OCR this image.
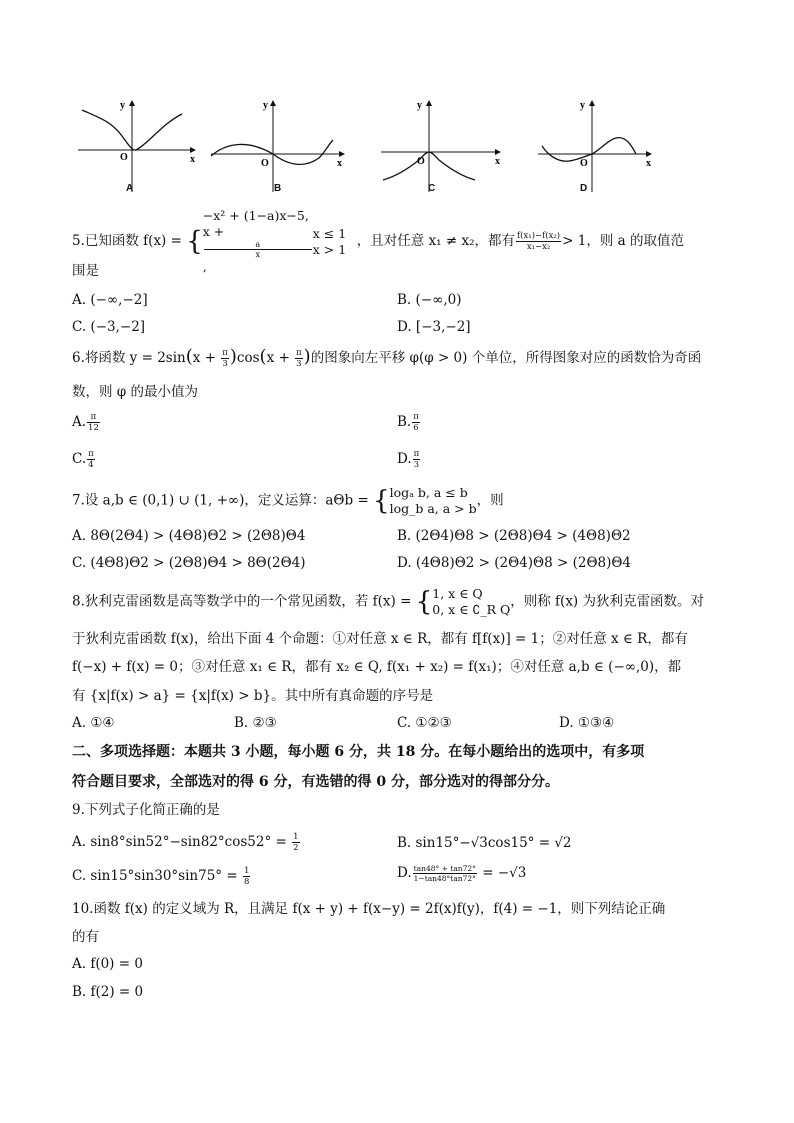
y
x
O
A
y
x
O
B
y
x
O
C
y
x
O
D
5.已知函数 f(x) = {
−x² + (1−a)x−5,
x +
a
x
,
x ≤ 1
x > 1 ，且对任意 x₁ ≠ x₂，都有 $\frac{\text{f(x₁)−f(x₂)}}{\text{x₁−x₂}} > 1$，则 a 的取值范
围是
A. (−∞,−2]	B. (−∞,0)
C. (−3,−2]	D. [−3,−2]
6.将函数 $y = 2\sin(x + \frac{\pi}{3} )\cos(x + \frac{\pi}{3}$ )的图象向左平移 φ(φ > 0) 个单位，所得图象对应的函数恰为奇函
数，则 φ 的最小值为
A. $\frac{\pi}{12}$	B. $\frac{\pi}{6}$
C. $\frac{\pi}{4}$	D. $\frac{\pi}{3}$
7.设 a,b ∈ (0,1) ∪ (1, +∞)，定义运算：aΘb = { logₐ b, a ≤ b
log_b a, a > b ，则
A. 8Θ(2Θ4) > (4Θ8)Θ2 > (2Θ8)Θ4	B. (2Θ4)Θ8 > (2Θ8)Θ4 > (4Θ8)Θ2
C. (4Θ8)Θ2 > (2Θ8)Θ4 > 8Θ(2Θ4)	D. (4Θ8)Θ2 > (2Θ4)Θ8 > (2Θ8)Θ4
8.狄利克雷函数是高等数学中的一个常见函数，若 f(x) = { 1, x ∈ Q
0, x ∈ ∁_R Q ，则称 f(x) 为狄利克雷函数。对
于狄利克雷函数 f(x)，给出下面 4 个命题：①对任意 x ∈ R，都有 f[f(x)] = 1；②对任意 x ∈ R，都有
f(−x) + f(x) = 0；③对任意 x₁ ∈ R，都有 x₂ ∈ Q, f(x₁ + x₂) = f(x₁)；④对任意 a,b ∈ (−∞,0)，都
有 {x|f(x) > a} = {x|f(x) > b}。其中所有真命题的序号是
A. ①④	B. ②③	C. ①②③	D. ①③④
二、多项选择题：本题共 3 小题，每小题 6 分，共 18 分。在每小题给出的选项中，有多项
符合题目要求，全部选对的得 6 分，有选错的得 0 分，部分选对的得部分分。
9.下列式子化简正确的是
A. $\sin 8^\circ\sin 52^\circ-\sin 82^\circ\cos 52^\circ = \frac{1}{2}$	B. sin15°−√3cos15° = √2
C. $\sin 15^\circ\sin 30^\circ\sin 75^\circ = \frac{1}{8}$	D. $\frac{\tan 48^\circ + \tan 72^\circ}{1-\tan 48^\circ\tan 72^\circ} = -√3$
10.函数 f(x) 的定义域为 R，且满足 f(x + y) + f(x−y) = 2f(x)f(y)，f(4) = −1，则下列结论正确
的有
A. f(0) = 0
B. f(2) = 0
